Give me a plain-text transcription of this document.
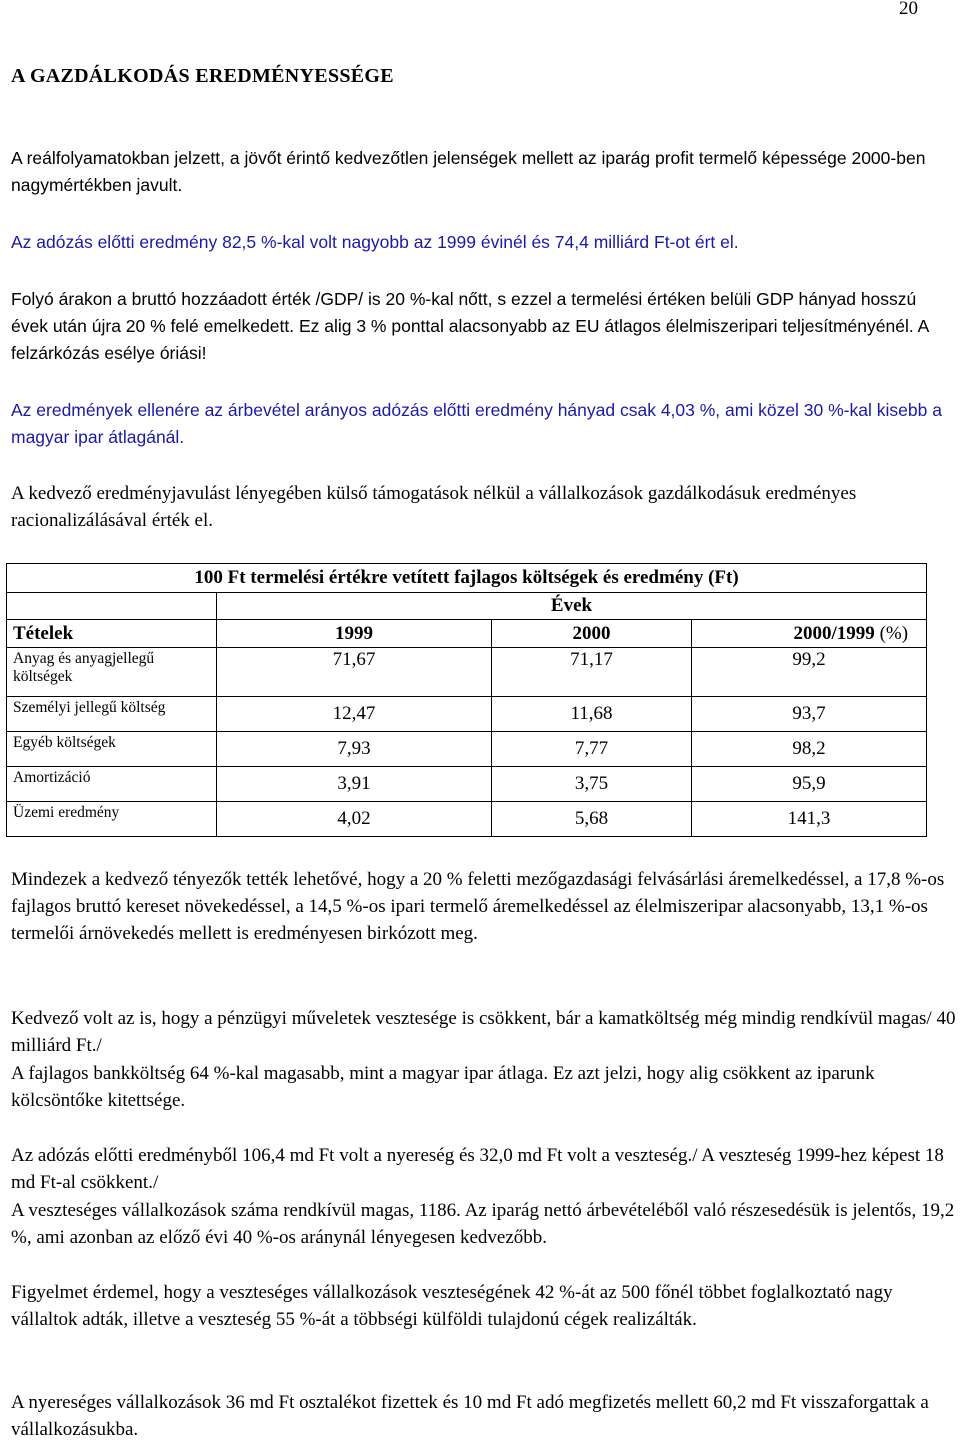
20
A GAZDÁLKODÁS EREDMÉNYESSÉGE

A reálfolyamatokban jelzett, a jövőt érintő kedvezőtlen jelenségek mellett az iparág profit termelő képessége 2000-ben nagymértékben javult.

Az adózás előtti eredmény 82,5 %-kal volt nagyobb az 1999 évinél és 74,4 milliárd Ft-ot ért el.

Folyó árakon a bruttó hozzáadott érték /GDP/ is 20 %-kal nőtt, s ezzel a termelési értéken belüli GDP hányad hosszú évek után újra 20 % felé emelkedett. Ez alig 3 % ponttal alacsonyabb az EU átlagos élelmiszeripari teljesítményénél. A felzárkózás esélye óriási!

Az eredmények ellenére az árbevétel arányos adózás előtti eredmény hányad csak 4,03 %, ami közel 30 %-kal kisebb a magyar ipar átlagánál.

A kedvező eredményjavulást lényegében külső támogatások nélkül a vállalkozások gazdálkodásuk eredményes racionalizálásával érték el.

100 Ft termelési értékre vetített fajlagos költségek és eredmény (Ft)			
	Évek		
Tételek	1999	2000	2000/1999 (%)
Anyag és anyagjellegű költségek	71,67	71,17	99,2
Személyi jellegű költség	12,47	11,68	93,7
Egyéb költségek	7,93	7,77	98,2
Amortizáció	3,91	3,75	95,9
Üzemi eredmény	4,02	5,68	141,3

Mindezek a kedvező tényezők tették lehetővé, hogy a 20 % feletti mezőgazdasági felvásárlási áremelkedéssel, a 17,8 %-os fajlagos bruttó kereset növekedéssel, a 14,5 %-os ipari termelő áremelkedéssel az élelmiszeripar alacsonyabb, 13,1 %-os termelői árnövekedés mellett is eredményesen birkózott meg.

Kedvező volt az is, hogy a pénzügyi műveletek vesztesége is csökkent, bár a kamatköltség még mindig rendkívül magas/ 40 milliárd Ft./

A fajlagos bankköltség 64 %-kal magasabb, mint a magyar ipar átlaga. Ez azt jelzi, hogy alig csökkent az iparunk kölcsöntőke kitettsége.

Az adózás előtti eredményből 106,4 md Ft volt a nyereség és 32,0 md Ft volt a veszteség./ A veszteség 1999-hez képest 18 md Ft-al csökkent./

A veszteséges vállalkozások száma rendkívül magas, 1186. Az iparág nettó árbevételéből való részesedésük is jelentős, 19,2 %, ami azonban az előző évi 40 %-os aránynál lényegesen kedvezőbb.

Figyelmet érdemel, hogy a veszteséges vállalkozások veszteségének 42 %-át az 500 főnél többet foglalkoztató nagy vállaltok adták, illetve a veszteség 55 %-át a többségi külföldi tulajdonú cégek realizálták.

A nyereséges vállalkozások 36 md Ft osztalékot fizettek és 10 md Ft adó megfizetés mellett 60,2 md Ft visszaforgattak a vállalkozásukba.
